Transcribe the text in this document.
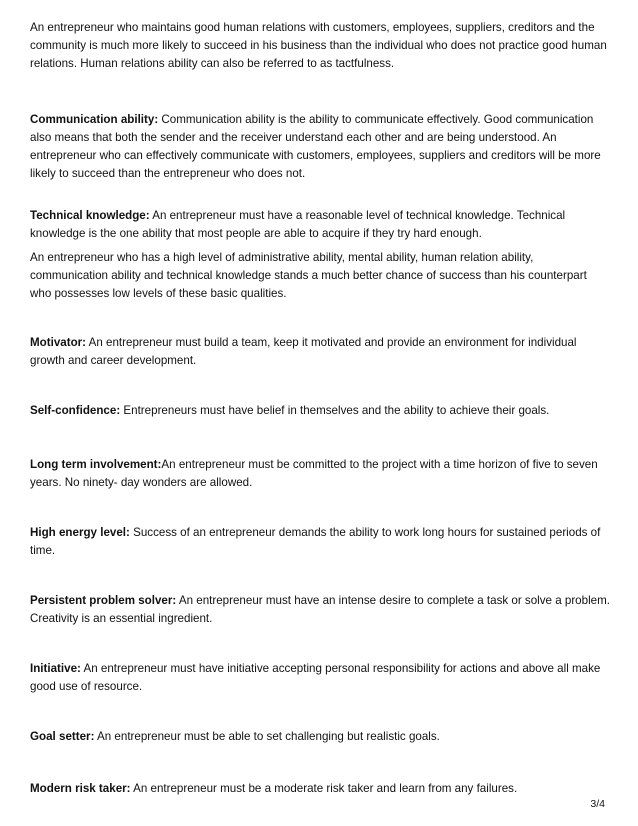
An entrepreneur who maintains good human relations with customers, employees, suppliers, creditors and the community is much more likely to succeed in his business than the individual who does not practice good human relations. Human relations ability can also be referred to as tactfulness.

Communication ability: Communication ability is the ability to communicate effectively. Good communication also means that both the sender and the receiver understand each other and are being understood. An entrepreneur who can effectively communicate with customers, employees, suppliers and creditors will be more likely to succeed than the entrepreneur who does not.

Technical knowledge: An entrepreneur must have a reasonable level of technical knowledge. Technical knowledge is the one ability that most people are able to acquire if they try hard enough.

An entrepreneur who has a high level of administrative ability, mental ability, human relation ability, communication ability and technical knowledge stands a much better chance of success than his counterpart who possesses low levels of these basic qualities.

Motivator: An entrepreneur must build a team, keep it motivated and provide an environment for individual growth and career development.

Self-confidence: Entrepreneurs must have belief in themselves and the ability to achieve their goals.

Long term involvement:An entrepreneur must be committed to the project with a time horizon of five to seven years. No ninety- day wonders are allowed.

High energy level: Success of an entrepreneur demands the ability to work long hours for sustained periods of time.

Persistent problem solver: An entrepreneur must have an intense desire to complete a task or solve a problem. Creativity is an essential ingredient.

Initiative: An entrepreneur must have initiative accepting personal responsibility for actions and above all make good use of resource.

Goal setter: An entrepreneur must be able to set challenging but realistic goals.

Modern risk taker: An entrepreneur must be a moderate risk taker and learn from any failures.

3/4
